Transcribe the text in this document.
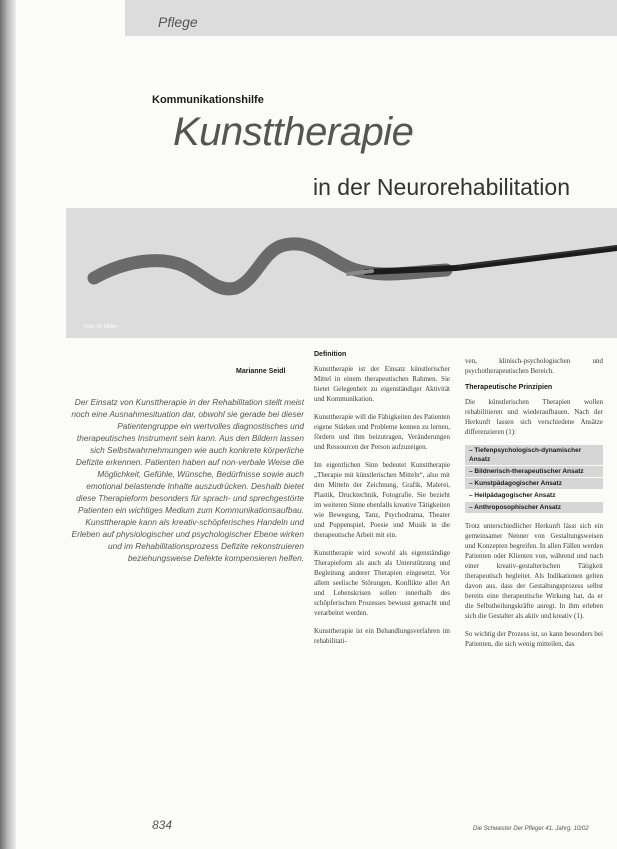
Pflege
Kommunikationshilfe
Kunsttherapie
in der Neurorehabilitation
Foto: W. Müller
Marianne Seidl
Der Einsatz von Kunsttherapie in der Rehabilitation stellt meist noch eine Ausnahmesituation dar, obwohl sie gerade bei dieser Patientengruppe ein wertvolles diagnostisches und therapeutisches Instrument sein kann. Aus den Bildern lassen sich Selbstwahrnehmungen wie auch konkrete körperliche Defizite erkennen. Patienten haben auf non-verbale Weise die Möglichkeit, Gefühle, Wünsche, Bedürfnisse sowie auch emotional belastende Inhalte auszudrücken. Deshalb bietet diese Therapieform besonders für sprach- und sprechgestörte Patienten ein wichtiges Medium zum Kommunikationsaufbau. Kunsttherapie kann als kreativ-schöpferisches Handeln und Erleben auf physiologischer und psychologischer Ebene wirken und im Rehabilitationsprozess Defizite rekonstruieren beziehungsweise Defekte kompensieren helfen.
Definition

Kunsttherapie ist der Einsatz künstlerischer Mittel in einem therapeutischen Rahmen. Sie bietet Gelegenheit zu eigenständiger Aktivität und Kommunikation.

Kunsttherapie will die Fähigkeiten des Patienten eigene Stärken und Probleme kennen zu lernen, fördern und ihm beizutragen, Veränderungen und Ressourcen der Person aufzuzeigen.

Im eigentlichen Sinn bedeutet Kunsttherapie „Therapie mit künstlerischen Mitteln“, also mit den Mitteln der Zeichnung, Grafik, Malerei, Plastik, Drucktechnik, Fotografie. Sie bezieht im weiteren Sinne ebenfalls kreative Tätigkeiten wie Bewegung, Tanz, Psychodrama, Theater und Puppenspiel, Poesie und Musik in die therapeutische Arbeit mit ein.

Kunsttherapie wird sowohl als eigenständige Therapieform als auch als Unterstützung und Begleitung anderer Therapien eingesetzt. Vor allem seelische Störungen, Konflikte aller Art und Lebenskrisen sollen innerhalb des schöpferischen Prozesses bewusst gemacht und verarbeitet werden.

Kunsttherapie ist ein Behandlungsverfahren im rehabilitati-

ven, klinisch-psychologischen und psychotherapeutischen Bereich.

Therapeutische Prinzipien

Die künstlerischen Therapien wollen rehabilitieren und wiederaufbauen. Nach der Herkunft lassen sich verschiedene Ansätze differenzieren (1):

– Tiefenpsychologisch-dynamischer Ansatz
– Bildnerisch-therapeutischer Ansatz
– Kunstpädagogischer Ansatz
– Heilpädagogischer Ansatz
– Anthroposophischer Ansatz

Trotz unterschiedlicher Herkunft lässt sich ein gemeinsamer Nenner von Gestaltungsweisen und Konzepten begreifen. In allen Fällen werden Patienten oder Klienten von, während und nach einer kreativ-gestalterischen Tätigkeit therapeutisch begleitet. Als Indikationen gelten davon aus, dass der Gestaltungsprozess selbst bereits eine therapeutische Wirkung hat, da er die Selbstheilungskräfte anregt. In ihm erleben sich die Gestalter als aktiv und kreativ (1).

So wichtig der Prozess ist, so kann besonders bei Patienten, die sich wenig mitteilen, das

834	Die Schwester Der Pfleger 41. Jahrg. 10/02
